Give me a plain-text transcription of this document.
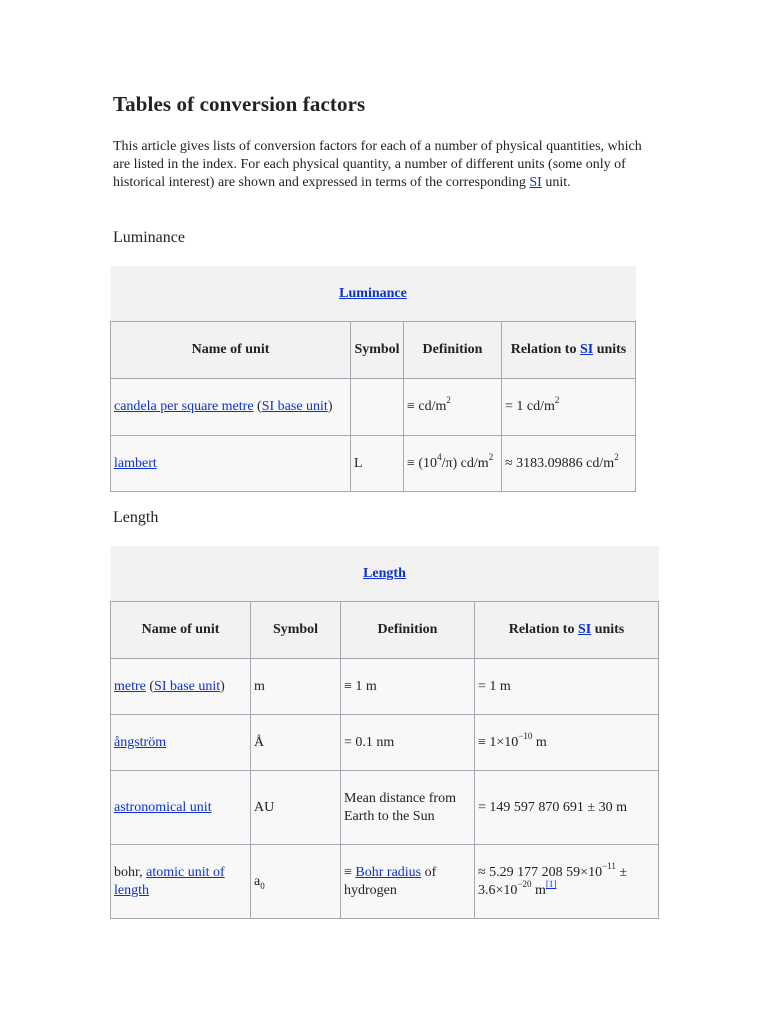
Tables of conversion factors

This article gives lists of conversion factors for each of a number of physical quantities, which are listed in the index. For each physical quantity, a number of different units (some only of historical interest) are shown and expressed in terms of the corresponding SI unit.

Luminance
Luminance			
Name of unit	Symbol	Definition	Relation to SI units
candela per square metre (SI base unit)		≡ $cd/m^2$	= 1 $cd/m^2$
lambert	L	≡ $(10^4/\pi)$ $cd/m^2$	≈ 3183.09886 $cd/m^2$
Length
Length			
Name of unit	Symbol	Definition	Relation to SI units
metre (SI base unit)	m	≡ 1 m	= 1 m
ångström	Å	= 0.1 nm	≡ $1\times 10^{-10}$ m
astronomical unit	AU	Mean distance from Earth to the Sun	= 149 597 870 691 ± 30 m
bohr, atomic unit of length	$a_0$	≡ Bohr radius of hydrogen	≈ 5.29 177 208 $59\times 10^{-11} \pm 3.6\times 10^{-20}$ m[1]
